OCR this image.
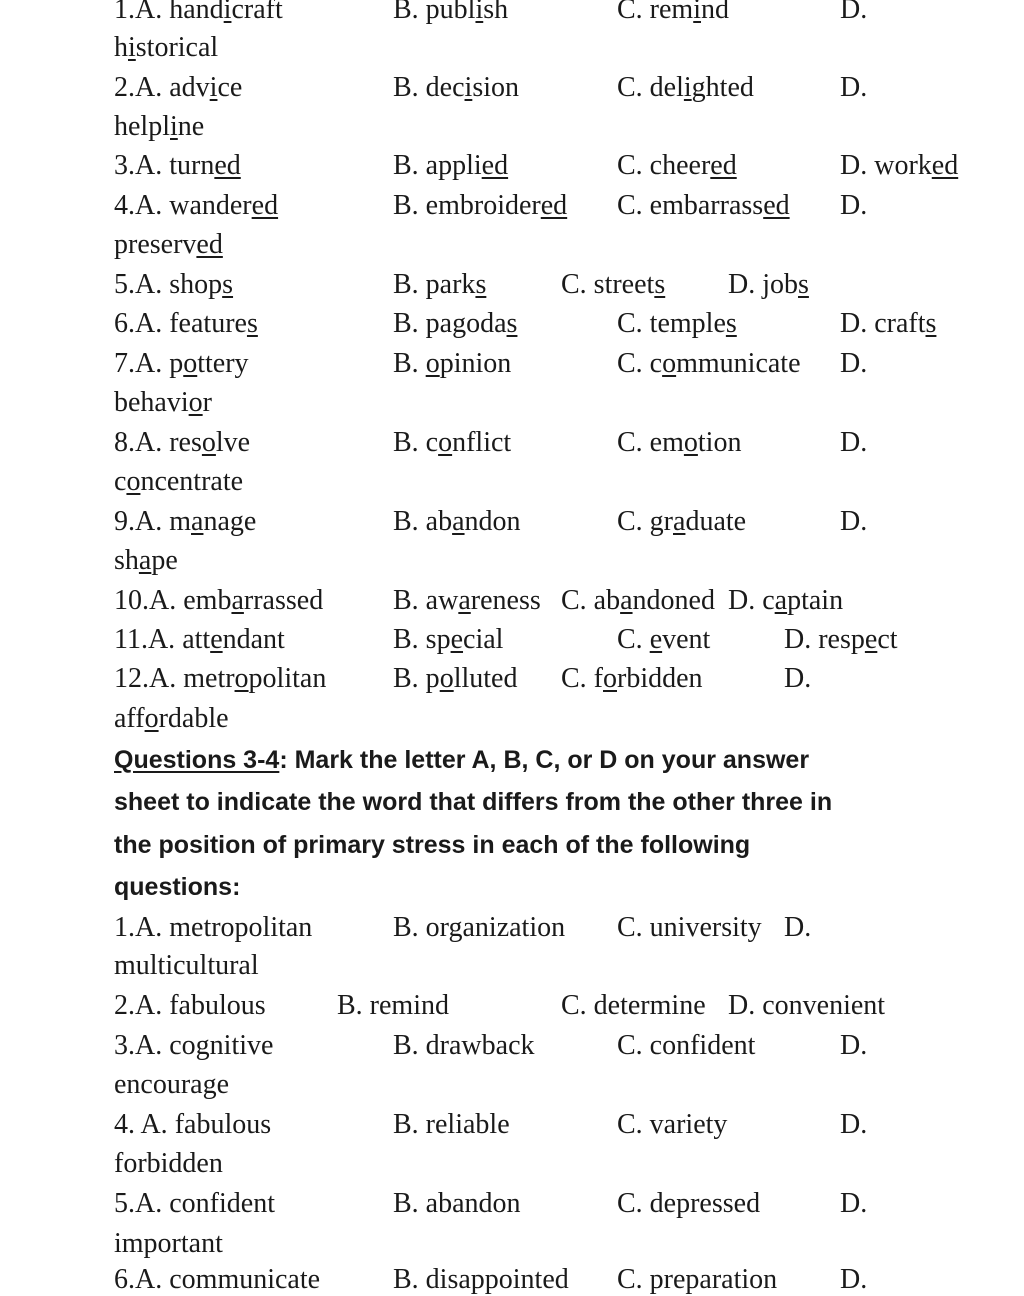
1.A. handicraft	B. publish	C. remind	D.
historical
2.A. advice	B. decision	C. delighted	D.
helpline
3.A. turned	B. applied	C. cheered	D. worked
4.A. wandered	B. embroidered C. embarrassed D.
preserved
5.A. shops	B. parks	C. streets D. jobs
6.A. features	B. pagodas	C. temples	D. crafts
7.A. pottery	B. opinion	C. communicate D.
behavior
8.A. resolve	B. conflict	C. emotion	D.
concentrate
9.A. manage	B. abandon	C. graduate	D.
shape
10.A. embarrassed B. awareness C. abandoned D. captain
11.A. attendant	B. special	C. event	D. respect
12.A. metropolitan B. polluted C. forbidden	D.
affordable
Questions 3-4: Mark the letter A, B, C, or D on your answer
sheet to indicate the word that differs from the other three in
the position of primary stress in each of the following
questions:
1.A. metropolitan	B. organization C. university D.
multicultural
2.A. fabulous	B. remind	C. determine D. convenient
3.A. cognitive	B. drawback	C. confident	D.
encourage
4. A. fabulous	B. reliable	C. variety	D.
forbidden
5.A. confident	B. abandon	C. depressed	D.
important
6.A. communicate	B. disappointed C. preparation D.
